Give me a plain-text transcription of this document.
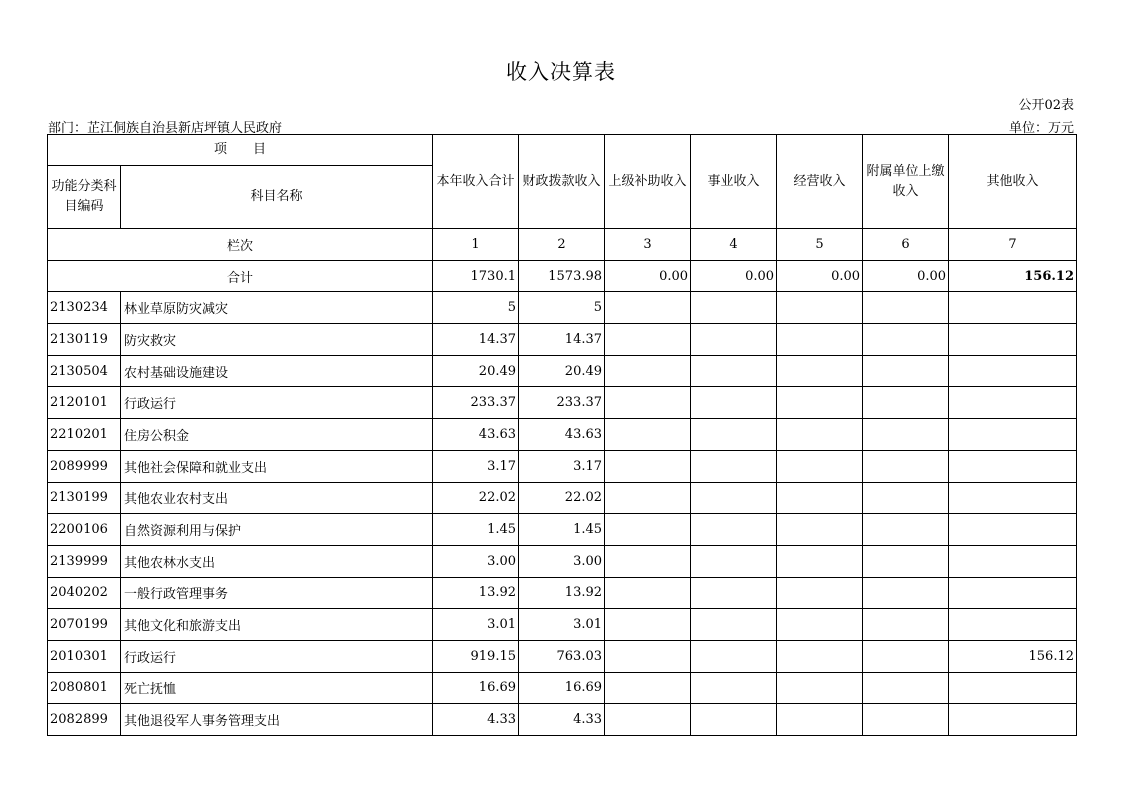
收入决算表
公开02表
部门：芷江侗族自治县新店坪镇人民政府	单位：万元
项　　目		本年收入合计	财政拨款收入	上级补助收入	事业收入	经营收入	附属单位上缴收入	其他收入
功能分类科目编码	科目名称							
栏次		1	2	3	4	5	6	7
合计		1730.1	1573.98	0.00	0.00	0.00	0.00	156.12
2130234	林业草原防灾减灾	5	5					
2130119	防灾救灾	14.37	14.37					
2130504	农村基础设施建设	20.49	20.49					
2120101	行政运行	233.37	233.37					
2210201	住房公积金	43.63	43.63					
2089999	其他社会保障和就业支出	3.17	3.17					
2130199	其他农业农村支出	22.02	22.02					
2200106	自然资源利用与保护	1.45	1.45					
2139999	其他农林水支出	3.00	3.00					
2040202	一般行政管理事务	13.92	13.92					
2070199	其他文化和旅游支出	3.01	3.01					
2010301	行政运行	919.15	763.03					156.12
2080801	死亡抚恤	16.69	16.69					
2082899	其他退役军人事务管理支出	4.33	4.33					
